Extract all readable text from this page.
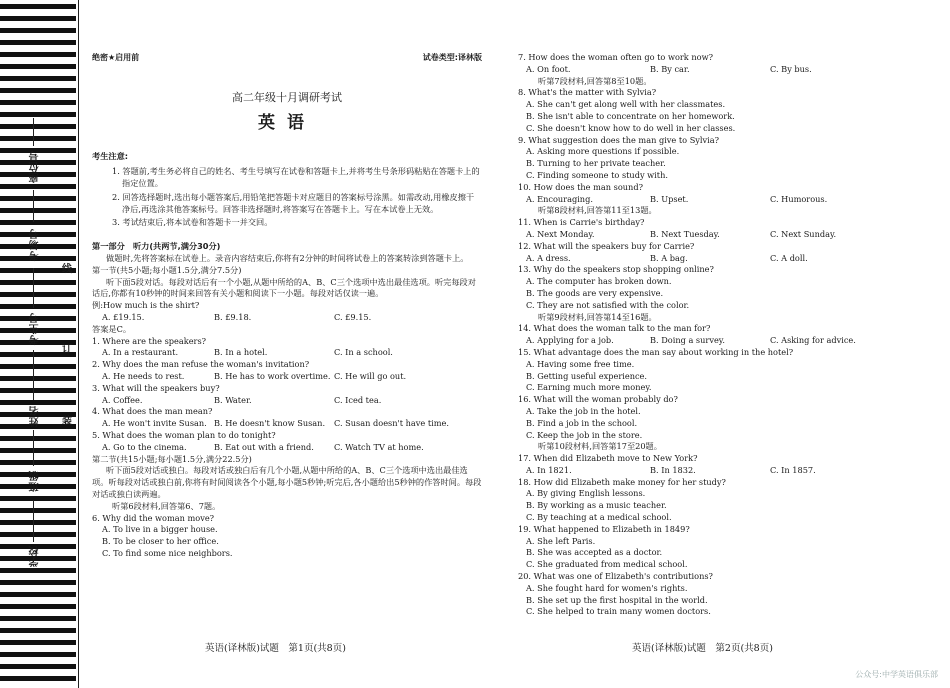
座位号
考场号
考生号
姓名
班级
学校
线
订
装
绝密★启用前	试卷类型:译林版
高二年级十月调研考试
英语
考生注意:

1. 答题前,考生务必将自己的姓名、考生号填写在试卷和答题卡上,并将考生号条形码粘贴在答题卡上的指定位置。

2. 回答选择题时,选出每小题答案后,用铅笔把答题卡对应题目的答案标号涂黑。如需改动,用橡皮擦干净后,再选涂其他答案标号。回答非选择题时,将答案写在答题卡上。写在本试卷上无效。

3. 考试结束后,将本试卷和答题卡一并交回。

第一部分　听力(共两节,满分30分)

做题时,先将答案标在试卷上。录音内容结束后,你将有2分钟的时间将试卷上的答案转涂到答题卡上。

第一节(共5小题;每小题1.5分,满分7.5分)

听下面5段对话。每段对话后有一个小题,从题中所给的A、B、C三个选项中选出最佳选项。听完每段对话后,你都有10秒钟的时间来回答有关小题和阅读下一小题。每段对话仅读一遍。

例:How much is the shirt?

A. £19.15.	B. £9.18.	C. £9.15.

答案是C。

1. Where are the speakers?

A. In a restaurant.	B. In a hotel.	C. In a school.

2. Why does the man refuse the woman's invitation?

A. He needs to rest.	B. He has to work overtime. C. He will go out.

3. What will the speakers buy?

A. Coffee.	B. Water.	C. Iced tea.

4. What does the man mean?

A. He won't invite Susan. B. He doesn't know Susan.	C. Susan doesn't have time.

5. What does the woman plan to do tonight?

A. Go to the cinema.	B. Eat out with a friend.	C. Watch TV at home.

第二节(共15小题;每小题1.5分,满分22.5分)

听下面5段对话或独白。每段对话或独白后有几个小题,从题中所给的A、B、C三个选项中选出最佳选项。听每段对话或独白前,你将有时间阅读各个小题,每小题5秒钟;听完后,各小题给出5秒钟的作答时间。每段对话或独白读两遍。

听第6段材料,回答第6、7题。

6. Why did the woman move?

A. To live in a bigger house.

B. To be closer to her office.

C. To find some nice neighbors.

7. How does the woman often go to work now?

A. On foot.	B. By car.	C. By bus.

听第7段材料,回答第8至10题。

8. What's the matter with Sylvia?

A. She can't get along well with her classmates.

B. She isn't able to concentrate on her homework.

C. She doesn't know how to do well in her classes.

9. What suggestion does the man give to Sylvia?

A. Asking more questions if possible.

B. Turning to her private teacher.

C. Finding someone to study with.

10. How does the man sound?

A. Encouraging.	B. Upset.	C. Humorous.

听第8段材料,回答第11至13题。

11. When is Carrie's birthday?

A. Next Monday.	B. Next Tuesday.	C. Next Sunday.

12. What will the speakers buy for Carrie?

A. A dress.	B. A bag.	C. A doll.

13. Why do the speakers stop shopping online?

A. The computer has broken down.

B. The goods are very expensive.

C. They are not satisfied with the color.

听第9段材料,回答第14至16题。

14. What does the woman talk to the man for?

A. Applying for a job.	B. Doing a survey.	C. Asking for advice.

15. What advantage does the man say about working in the hotel?

A. Having some free time.

B. Getting useful experience.

C. Earning much more money.

16. What will the woman probably do?

A. Take the job in the hotel.

B. Find a job in the school.

C. Keep the job in the store.

听第10段材料,回答第17至20题。

17. When did Elizabeth move to New York?

A. In 1821.	B. In 1832.	C. In 1857.

18. How did Elizabeth make money for her study?

A. By giving English lessons.

B. By working as a music teacher.

C. By teaching at a medical school.

19. What happened to Elizabeth in 1849?

A. She left Paris.

B. She was accepted as a doctor.

C. She graduated from medical school.

20. What was one of Elizabeth's contributions?

A. She fought hard for women's rights.

B. She set up the first hospital in the world.

C. She helped to train many women doctors.

英语(译林版)试题　第1页(共8页)	英语(译林版)试题　第2页(共8页)
公众号:中学英语俱乐部
